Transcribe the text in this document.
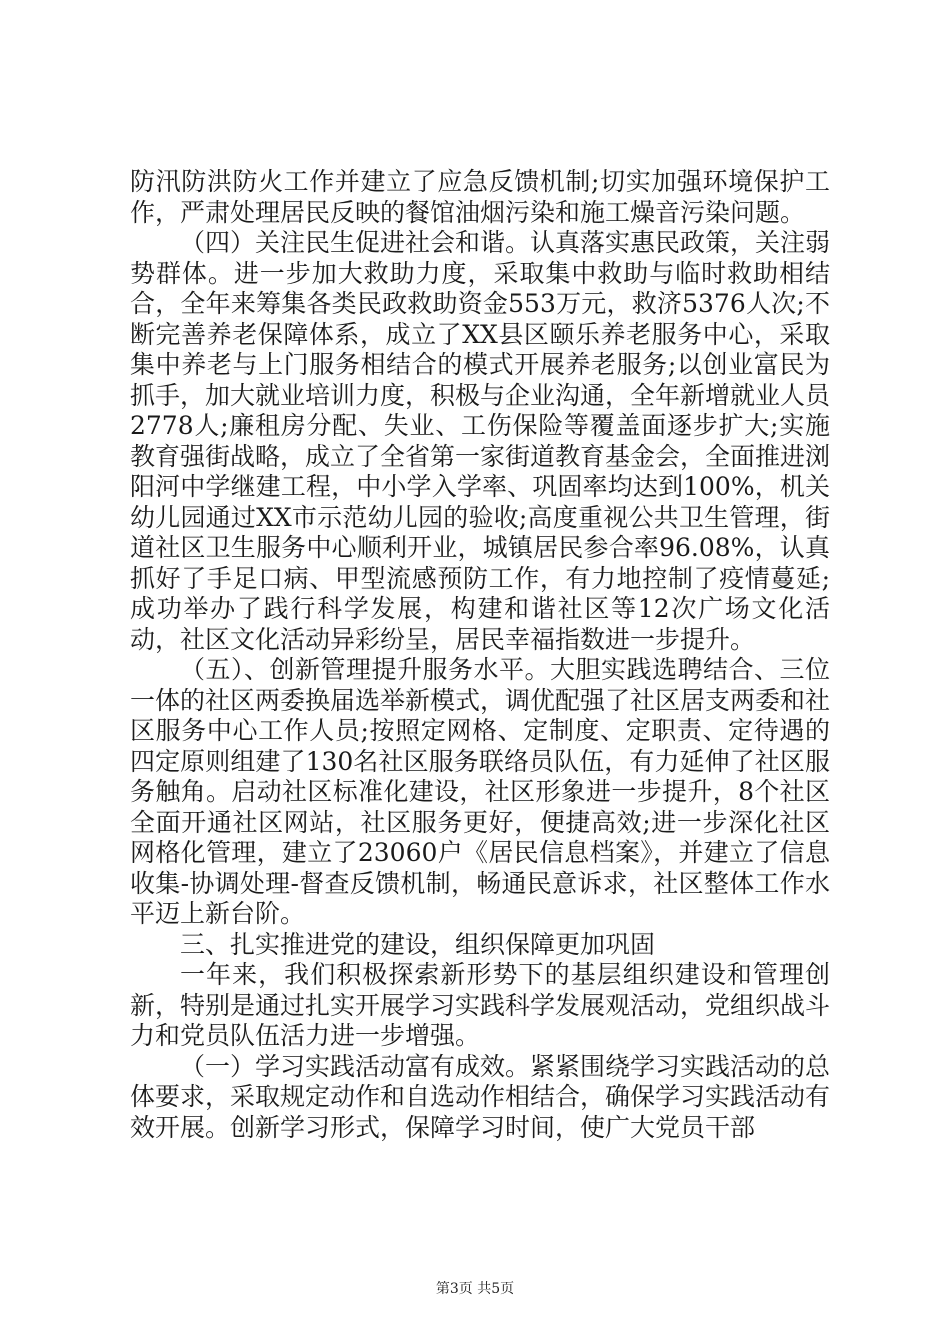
防汛防洪防火工作并建立了应急反馈机制;切实加强环境保护工作，严肃处理居民反映的餐馆油烟污染和施工燥音污染问题。

（四）关注民生促进社会和谐。认真落实惠民政策，关注弱势群体。进一步加大救助力度，采取集中救助与临时救助相结合，全年来筹集各类民政救助资金553万元，救济5376人次;不断完善养老保障体系，成立了XX县区颐乐养老服务中心，采取集中养老与上门服务相结合的模式开展养老服务;以创业富民为抓手，加大就业培训力度，积极与企业沟通，全年新增就业人员2778人;廉租房分配、失业、工伤保险等覆盖面逐步扩大;实施教育强街战略，成立了全省第一家街道教育基金会，全面推进浏阳河中学继建工程，中小学入学率、巩固率均达到100%，机关幼儿园通过XX市示范幼儿园的验收;高度重视公共卫生管理，街道社区卫生服务中心顺利开业，城镇居民参合率96.08%，认真抓好了手足口病、甲型流感预防工作，有力地控制了疫情蔓延;成功举办了践行科学发展，构建和谐社区等12次广场文化活动，社区文化活动异彩纷呈，居民幸福指数进一步提升。

（五）、创新管理提升服务水平。大胆实践选聘结合、三位一体的社区两委换届选举新模式，调优配强了社区居支两委和社区服务中心工作人员;按照定网格、定制度、定职责、定待遇的四定原则组建了130名社区服务联络员队伍，有力延伸了社区服务触角。启动社区标准化建设，社区形象进一步提升，8个社区全面开通社区网站，社区服务更好，便捷高效;进一步深化社区网格化管理，建立了23060户《居民信息档案》，并建立了信息收集-协调处理-督查反馈机制，畅通民意诉求，社区整体工作水平迈上新台阶。

三、扎实推进党的建设，组织保障更加巩固

一年来，我们积极探索新形势下的基层组织建设和管理创新，特别是通过扎实开展学习实践科学发展观活动，党组织战斗力和党员队伍活力进一步增强。

（一）学习实践活动富有成效。紧紧围绕学习实践活动的总体要求，采取规定动作和自选动作相结合，确保学习实践活动有效开展。创新学习形式，保障学习时间，使广大党员干部

第3页 共5页
